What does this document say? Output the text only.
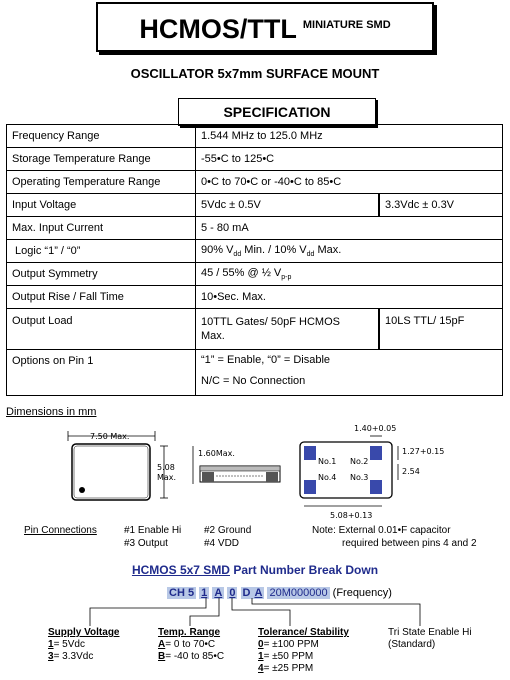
HCMOS/TTL MINIATURE SMD
OSCILLATOR 5x7mm SURFACE MOUNT
SPECIFICATION
Frequency Range	1.544 MHz to 125.0 MHz	
Storage Temperature Range	-55•C to 125•C	
Operating Temperature Range	0•C to 70•C or -40•C to 85•C	
Input Voltage	5Vdc ± 0.5V	3.3Vdc ± 0.3V
Max. Input Current	5 - 80 mA	
Logic “1” / “0”	90% $V_{dd}$ Min. / 10% $V_{dd}$ Max.	
Output Symmetry	45 / 55% @ ½ $V_{p-p}$
Output Rise / Fall Time	10•Sec. Max.	
Output Load	10TTL Gates/ 50pF HCMOS Max.	10LS TTL/ 15pF
Options on Pin 1	“1” = Enable, “0” = Disable
N/C = No Connection	
Dimensions in mm
7.50 Max.
5.08
Max.
1.60Max.
1.40+0.05
No.1 No.2
No.4 No.3
1.27+0.15
2.54
5.08+0.13
Pin Connections	#1 Enable Hi #2 Ground
#3 Output	#4 VDD
Note: External 0.01•F capacitor
required between pins 4 and 2
HCMOS 5x7 SMD Part Number Break Down
CH 5 1 A 0 D A 20M000000 (Frequency)
Supply Voltage
1= 5Vdc
3= 3.3Vdc
Temp. Range
A= 0 to 70•C
B= -40 to 85•C
Tolerance/ Stability
0= ±100 PPM
1= ±50 PPM
4= ±25 PPM
Tri State Enable Hi
(Standard)
